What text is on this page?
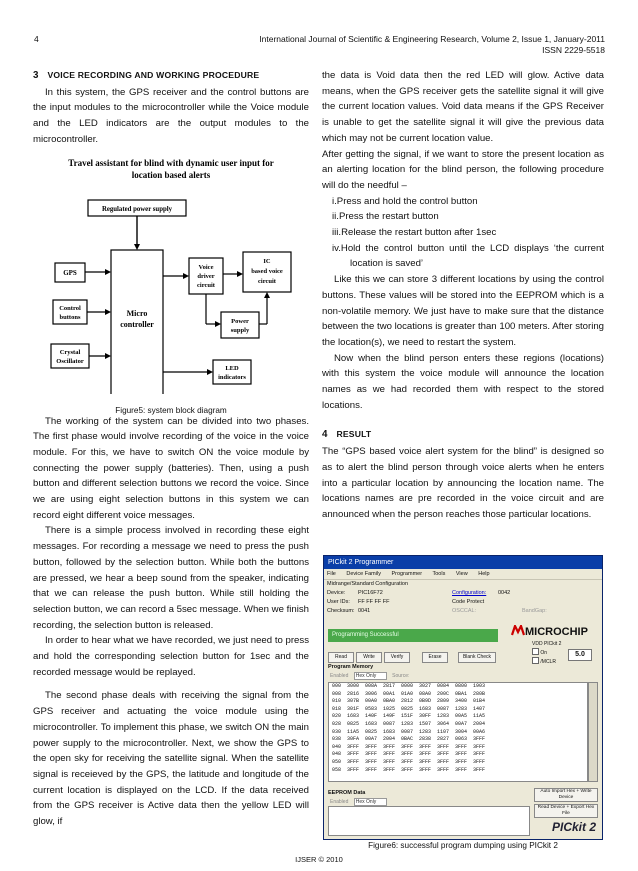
4	International Journal of Scientific & Engineering Research, Volume 2, Issue 1, January-2011
ISSN 2229-5518
3 VOICE RECORDING AND WORKING PROCEDURE

In this system, the GPS receiver and the control buttons are the input modules to the microcontroller while the Voice module and the LED indicators are the output modules to the microcontroller.

Travel assistant for blind with dynamic user input for
location based alerts
Regulated power supply
Micro
controller
GPS
Control
buttons
Crystal
Oscillator
Voice
driver
circuit
IC
based voice
circuit
Power
supply
LED
indicators
Figure5: system block diagram

The working of the system can be divided into two phases. The first phase would involve recording of the voice in the voice module. For this, we have to switch ON the voice module by connecting the power supply (batteries). Then, using a push button and different selection buttons we record the voice. Since we are using eight selection buttons in this system we can record eight different voice messages.

There is a simple process involved in recording these eight messages. For recording a message we need to press the push button, followed by the selection button. While both the buttons are pressed, we hear a beep sound from the speaker, indicating that we can release the push button. While still holding the selection button, we can record a 5sec message. When we finish recording, the selection button is released.

In order to hear what we have recorded, we just need to press and hold the corresponding selection button for 1sec and the recorded message would be replayed.

The second phase deals with receiving the signal from the GPS receiver and actuating the voice module using the microcontroller. To implement this phase, we switch ON the main power supply to the microcontroller. Next, we show the GPS to the open sky for receiving the satellite signal. When the satellite signal is receieved by the GPS, the latitude and longitude of the current location is displayed on the LCD. If the data received from the GPS receiver is Active data then the yellow LED will glow, if

the data is Void data then the red LED will glow. Active data means, when the GPS receiver gets the satellite signal it will give the current location values. Void data means if the GPS Receiver is unable to get the satellite signal it will give the previous data which may not be current location value.

After getting the signal, if we want to store the present location as an alerting location for the blind person, the following procedure will do the needful –

i.Press and hold the control button
ii.Press the restart button
iii.Release the restart button after 1sec
iv.Hold the control button until the LCD displays ‘the current location is saved’

Like this we can store 3 different locations by using the control buttons. These values will be stored into the EEPROM which is a non-volatile memory. We just have to make sure that the distance between the two locations is greater than 100 meters. After storing the location(s), we need to restart the system.

Now when the blind person enters these regions (locations) with this system the voice module will announce the location names as we had recorded them with respect to the stored locations.

4 RESULT

The “GPS based voice alert system for the blind” is designed so as to alert the blind person through voice alerts when he enters into a particular location by announcing the location name. The locations names are pre recorded in the voice circuit and are announced when the person reaches those particular locations.

PICkit 2 Programmer
File Device Family Programmer Tools View Help
Midrange/Standard Configuration
Device: PIC16F72	Configuration: 0042
User IDs: FF FF FF FF	Code Protect
Checksum: 0041	OSCCAL:	BandGap:
Programming Successful	MICROCHIP
VDD PICkit 2
On
/MCLR
5.0
Read	Write	Verify	Erase	Blank Check
Program Memory
Enabled Hex Only	Source:
000  3000  008A  2817  0000  3027  0084  0800  1903
008  2816  3006  00A1  01A0  08A0  200C  0BA1  280B
010  307B  00A0  0BA0  2812  0B9D  2809  3400  01B4
018  301F  0583  1025  0825  1683  0087  1283  1407
020  1683  140F  149F  151F  30FF  1283  00A5  11A5
028  0825  1683  0087  1283  1507  3064  00A7  2004
030  11A5  0825  1683  0087  1283  1107  3004  00A6
038  30FA  00A7  2004  0BAC  2838  2827  0063  3FFF
040  3FFF  3FFF  3FFF  3FFF  3FFF  3FFF  3FFF  3FFF
048  3FFF  3FFF  3FFF  3FFF  3FFF  3FFF  3FFF  3FFF
050  3FFF  3FFF  3FFF  3FFF  3FFF  3FFF  3FFF  3FFF
058  3FFF  3FFF  3FFF  3FFF  3FFF  3FFF  3FFF  3FFF
EEPROM Data
Enabled Hex Only
Auto Import Hex + Write Device
Read Device + Export Hex File
PICkit 2
Figure6: successful program dumping using PICkit 2
IJSER © 2010
